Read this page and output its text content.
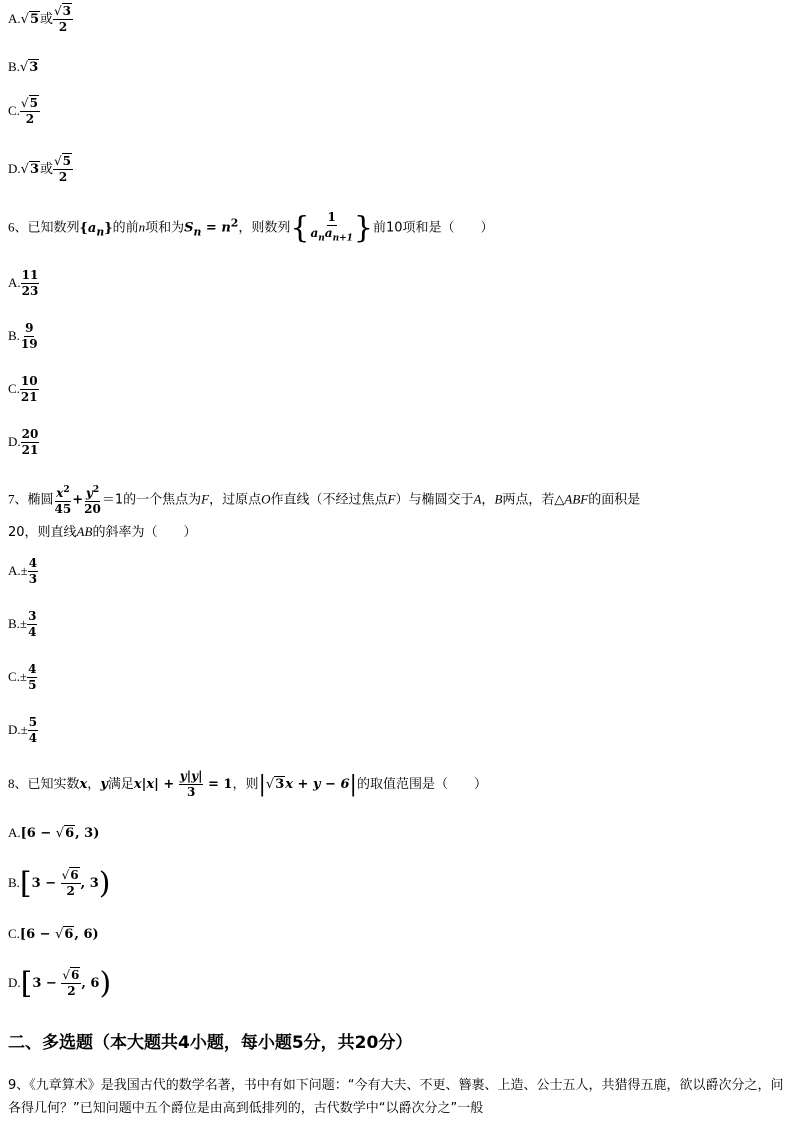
A.√5或 $\frac{√3}{2}$
B.√3
C. $\frac{√5}{2}$
D.√3或 $\frac{√5}{2}$
6、已知数列$\{a_n\}$的前n项和为$S_n = n^2$，则数列{ $\frac{1}{a_na_{n+1}}$ }前10项和是（　　）
A. $\frac{11}{23}$
B. $\frac{9}{19}$
C. $\frac{10}{21}$
D. $\frac{20}{21}$
7、椭圆 $\frac{x^2}{45} + \frac{y^2}{20} =1$的一个焦点为F，过原点O作直线（不经过焦点F）与椭圆交于A，B两点，若△ABF的面积是
20，则直线AB的斜率为（　　）
$A.\pm \frac{4}{3}$
$B.\pm \frac{3}{4}$
$C.\pm \frac{4}{5}$
$D.\pm \frac{5}{4}$
8、已知实数x，y满足$x|x| + \frac{y|y|}{3} = 1$，则|√3x + y − 6|的取值范围是（　　）
A.[6 − √6, 3)
$B.[3 - \frac{√6}{2}$ , 3)
C.[6 − √6, 6)
$D.[3 - \frac{√6}{2}$ , 6)
二、多选题（本大题共4小题，每小题5分，共20分）
9、《九章算术》是我国古代的数学名著，书中有如下问题：“今有大夫、不更、簪裹、上造、公士五人，共猎得五鹿，欲以爵次分之，问各得几何？”已知问题中五个爵位是由高到低排列的，古代数学中“以爵次分之”一般
